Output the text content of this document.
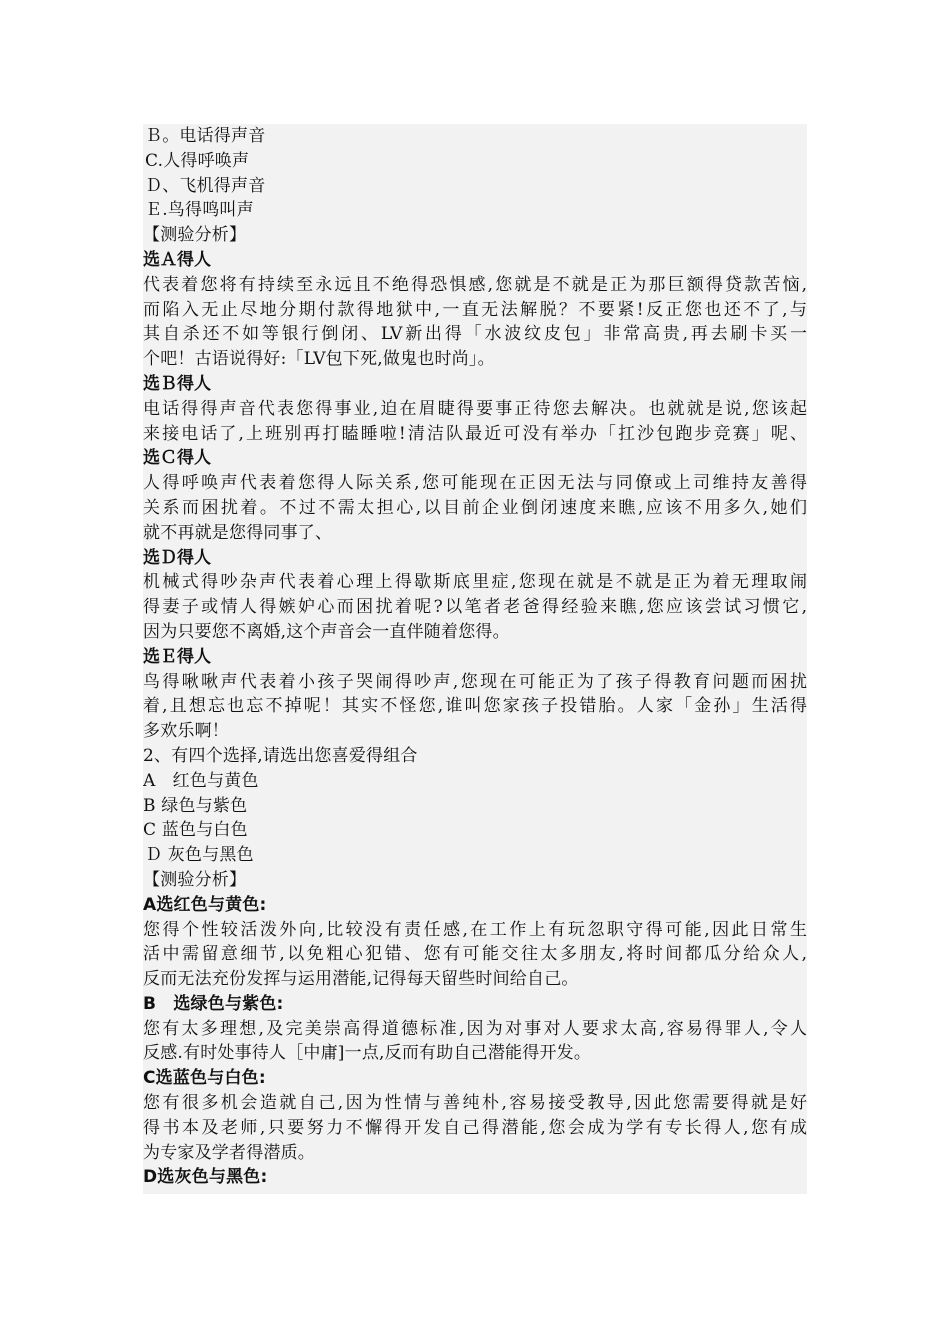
Ｂ。电话得声音
C.人得呼唤声
Ｄ、飞机得声音
Ｅ.鸟得鸣叫声
【测验分析】
选Ａ得人
代表着您将有持续至永远且不绝得恐惧感,您就是不就是正为那巨额得贷款苦恼,
而陷入无止尽地分期付款得地狱中,一直无法解脱？不要紧!反正您也还不了,与
其自杀还不如等银行倒闭、LV新出得「水波纹皮包」非常高贵,再去刷卡买一
个吧！古语说得好:「LV包下死,做鬼也时尚」。
选Ｂ得人
电话得得声音代表您得事业,迫在眉睫得要事正待您去解决。也就就是说,您该起
来接电话了,上班别再打瞌睡啦!清洁队最近可没有举办「扛沙包跑步竞赛」呢、
选Ｃ得人
人得呼唤声代表着您得人际关系,您可能现在正因无法与同僚或上司维持友善得
关系而困扰着。不过不需太担心,以目前企业倒闭速度来瞧,应该不用多久,她们
就不再就是您得同事了、
选Ｄ得人
机械式得吵杂声代表着心理上得歇斯底里症,您现在就是不就是正为着无理取闹
得妻子或情人得嫉妒心而困扰着呢?以笔者老爸得经验来瞧,您应该尝试习惯它,
因为只要您不离婚,这个声音会一直伴随着您得。
选Ｅ得人
鸟得啾啾声代表着小孩子哭闹得吵声,您现在可能正为了孩子得教育问题而困扰
着,且想忘也忘不掉呢！其实不怪您,谁叫您家孩子投错胎。人家「金孙」生活得
多欢乐啊！
2、有四个选择,请选出您喜爱得组合
A　红色与黄色
B 绿色与紫色
C 蓝色与白色
Ｄ 灰色与黑色
【测验分析】
A选红色与黄色:
您得个性较活泼外向,比较没有责任感,在工作上有玩忽职守得可能,因此日常生
活中需留意细节,以免粗心犯错、您有可能交往太多朋友,将时间都瓜分给众人,
反而无法充份发挥与运用潜能,记得每天留些时间给自己。
B　选绿色与紫色:
您有太多理想,及完美崇高得道德标准,因为对事对人要求太高,容易得罪人,令人
反感.有时处事待人［中庸]一点,反而有助自己潜能得开发。
C选蓝色与白色:
您有很多机会造就自己,因为性情与善纯朴,容易接受教导,因此您需要得就是好
得书本及老师,只要努力不懈得开发自己得潜能,您会成为学有专长得人,您有成
为专家及学者得潜质。
D选灰色与黑色:
